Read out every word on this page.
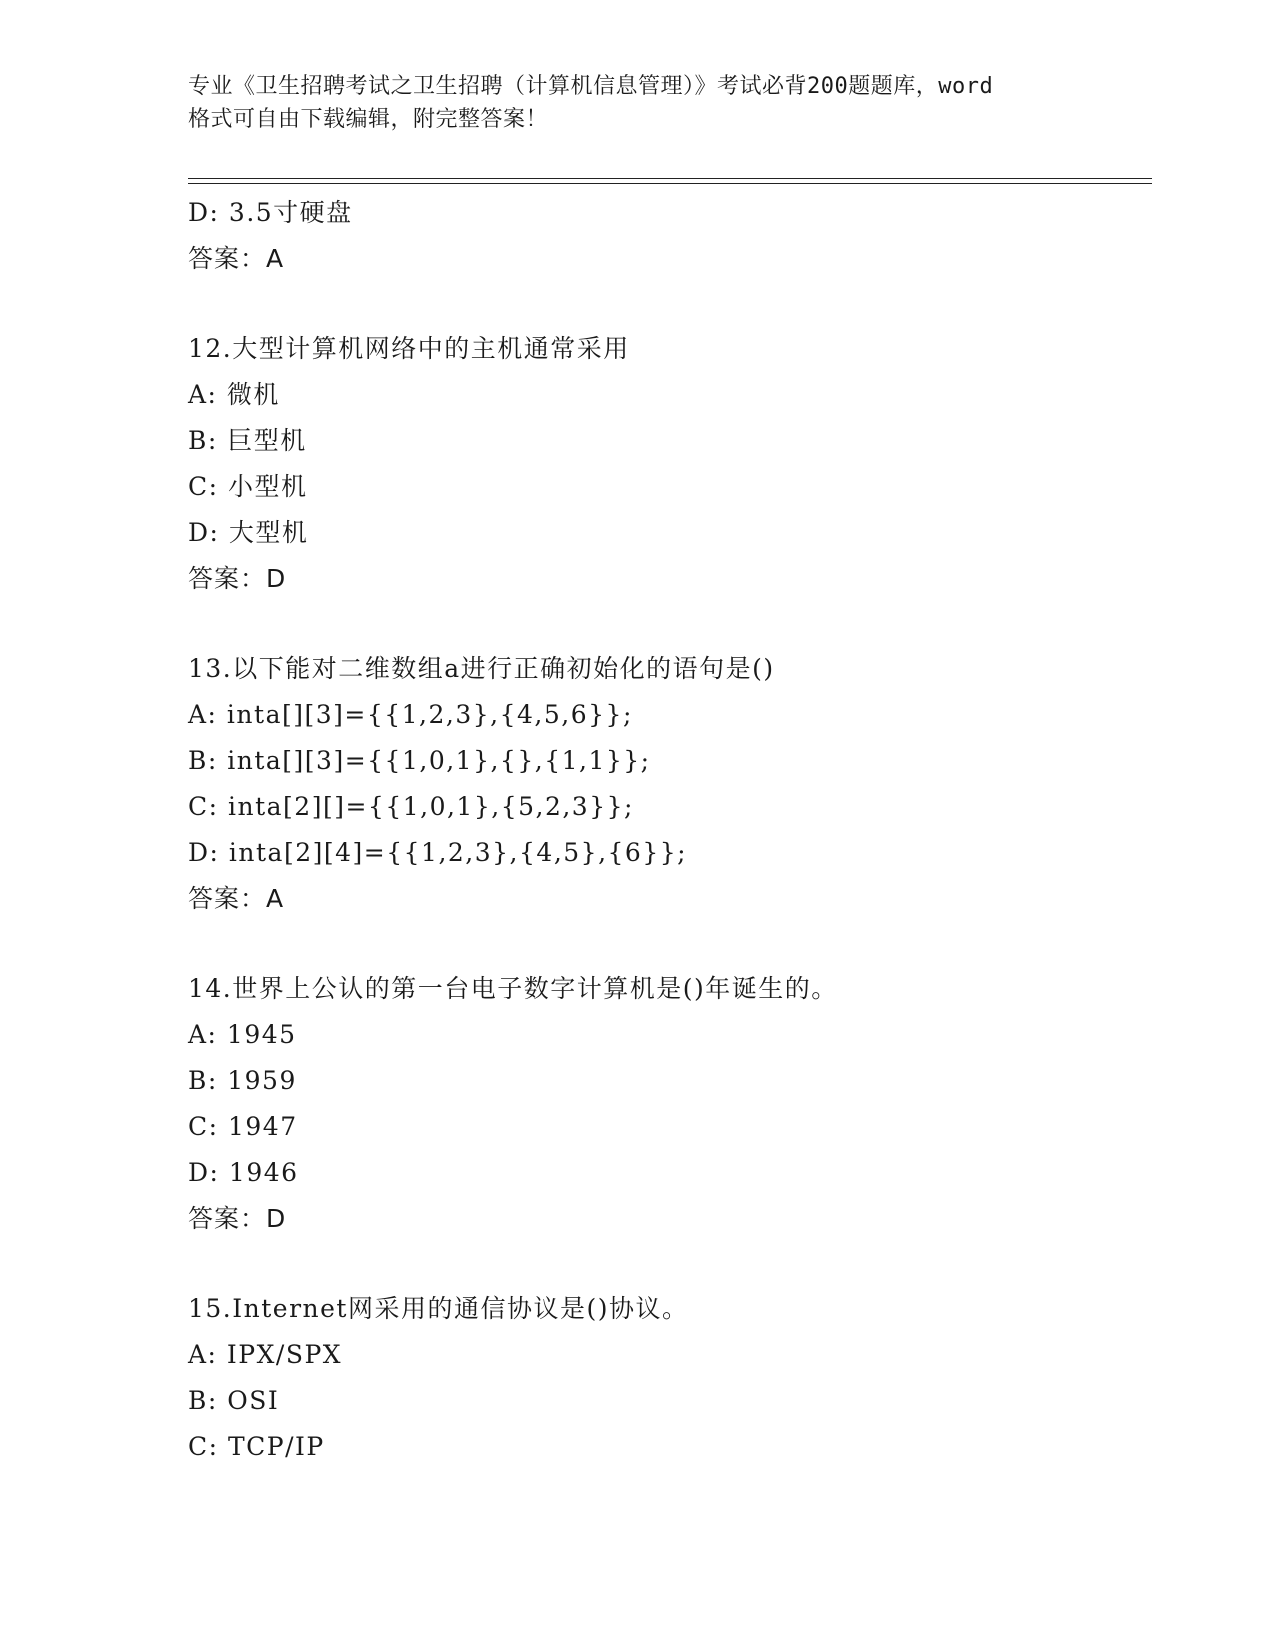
专业《卫生招聘考试之卫生招聘（计算机信息管理）》考试必背200题题库，word
格式可自由下载编辑，附完整答案！
D: 3.5寸硬盘
答案：A
12.大型计算机网络中的主机通常采用
A: 微机
B: 巨型机
C: 小型机
D: 大型机
答案：D
13.以下能对二维数组a进行正确初始化的语句是()
A: inta[][3]={{1,2,3},{4,5,6}};
B: inta[][3]={{1,0,1},{},{1,1}};
C: inta[2][]={{1,0,1},{5,2,3}};
D: inta[2][4]={{1,2,3},{4,5},{6}};
答案：A
14.世界上公认的第一台电子数字计算机是()年诞生的。
A: 1945
B: 1959
C: 1947
D: 1946
答案：D
15.Internet网采用的通信协议是()协议。
A: IPX/SPX
B: OSI
C: TCP/IP
